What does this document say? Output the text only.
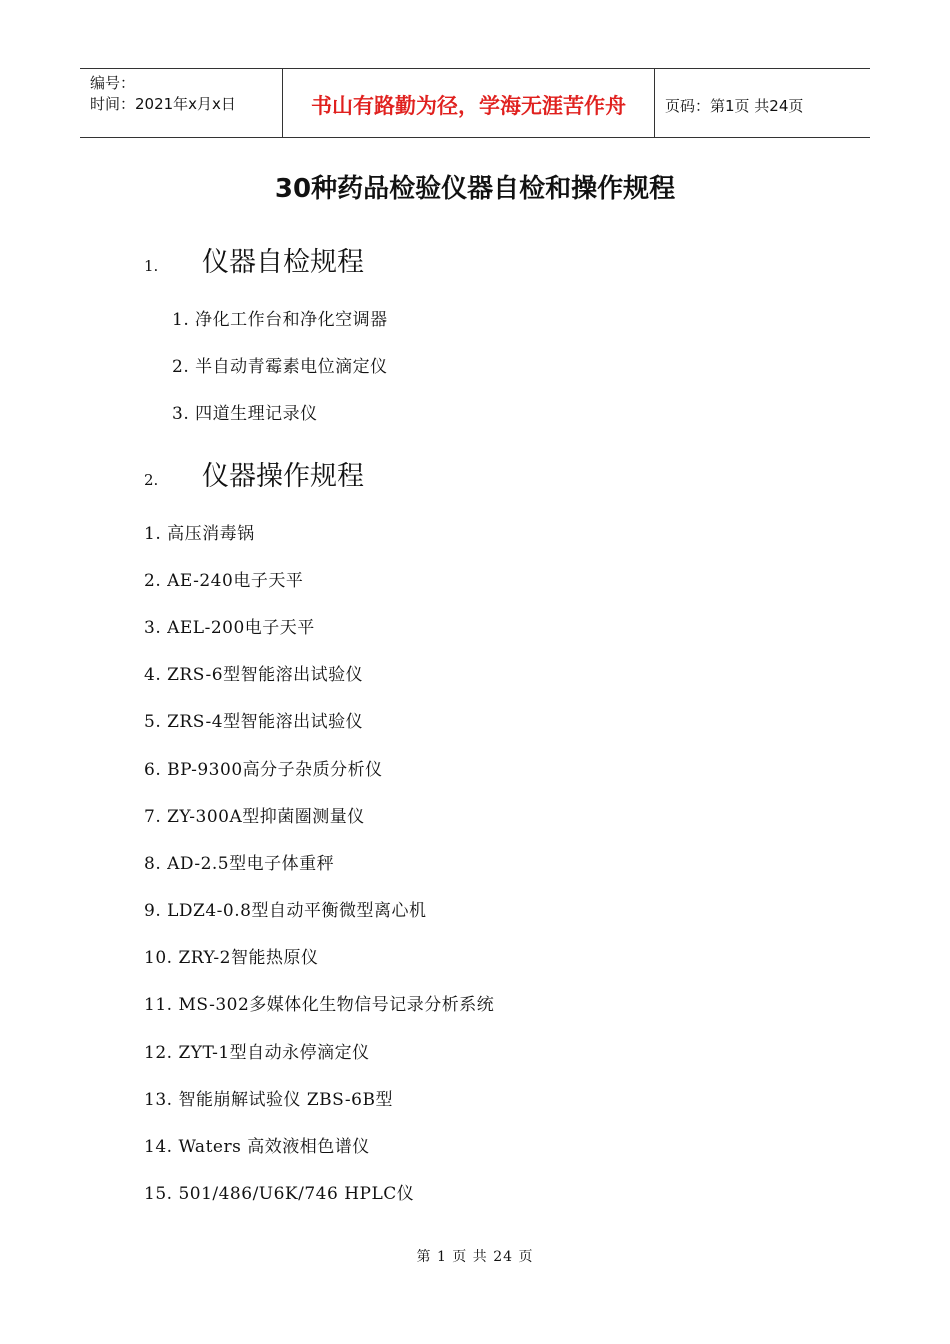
编号：
时间：2021年x月x日	书山有路勤为径，学海无涯苦作舟	页码：第1页 共24页
30种药品检验仪器自检和操作规程
1.	仪器自检规程
1. 净化工作台和净化空调器
2. 半自动青霉素电位滴定仪
3. 四道生理记录仪
2.	仪器操作规程
1. 高压消毒锅
2. AE-240电子天平
3. AEL-200电子天平
4. ZRS-6型智能溶出试验仪
5. ZRS-4型智能溶出试验仪
6. BP-9300高分子杂质分析仪
7. ZY-300A型抑菌圈测量仪
8. AD-2.5型电子体重秤
9. LDZ4-0.8型自动平衡微型离心机
10. ZRY-2智能热原仪
11. MS-302多媒体化生物信号记录分析系统
12. ZYT-1型自动永停滴定仪
13. 智能崩解试验仪 ZBS-6B型
14. Waters 高效液相色谱仪
15. 501/486/U6K/746 HPLC仪
第 1 页 共 24 页
